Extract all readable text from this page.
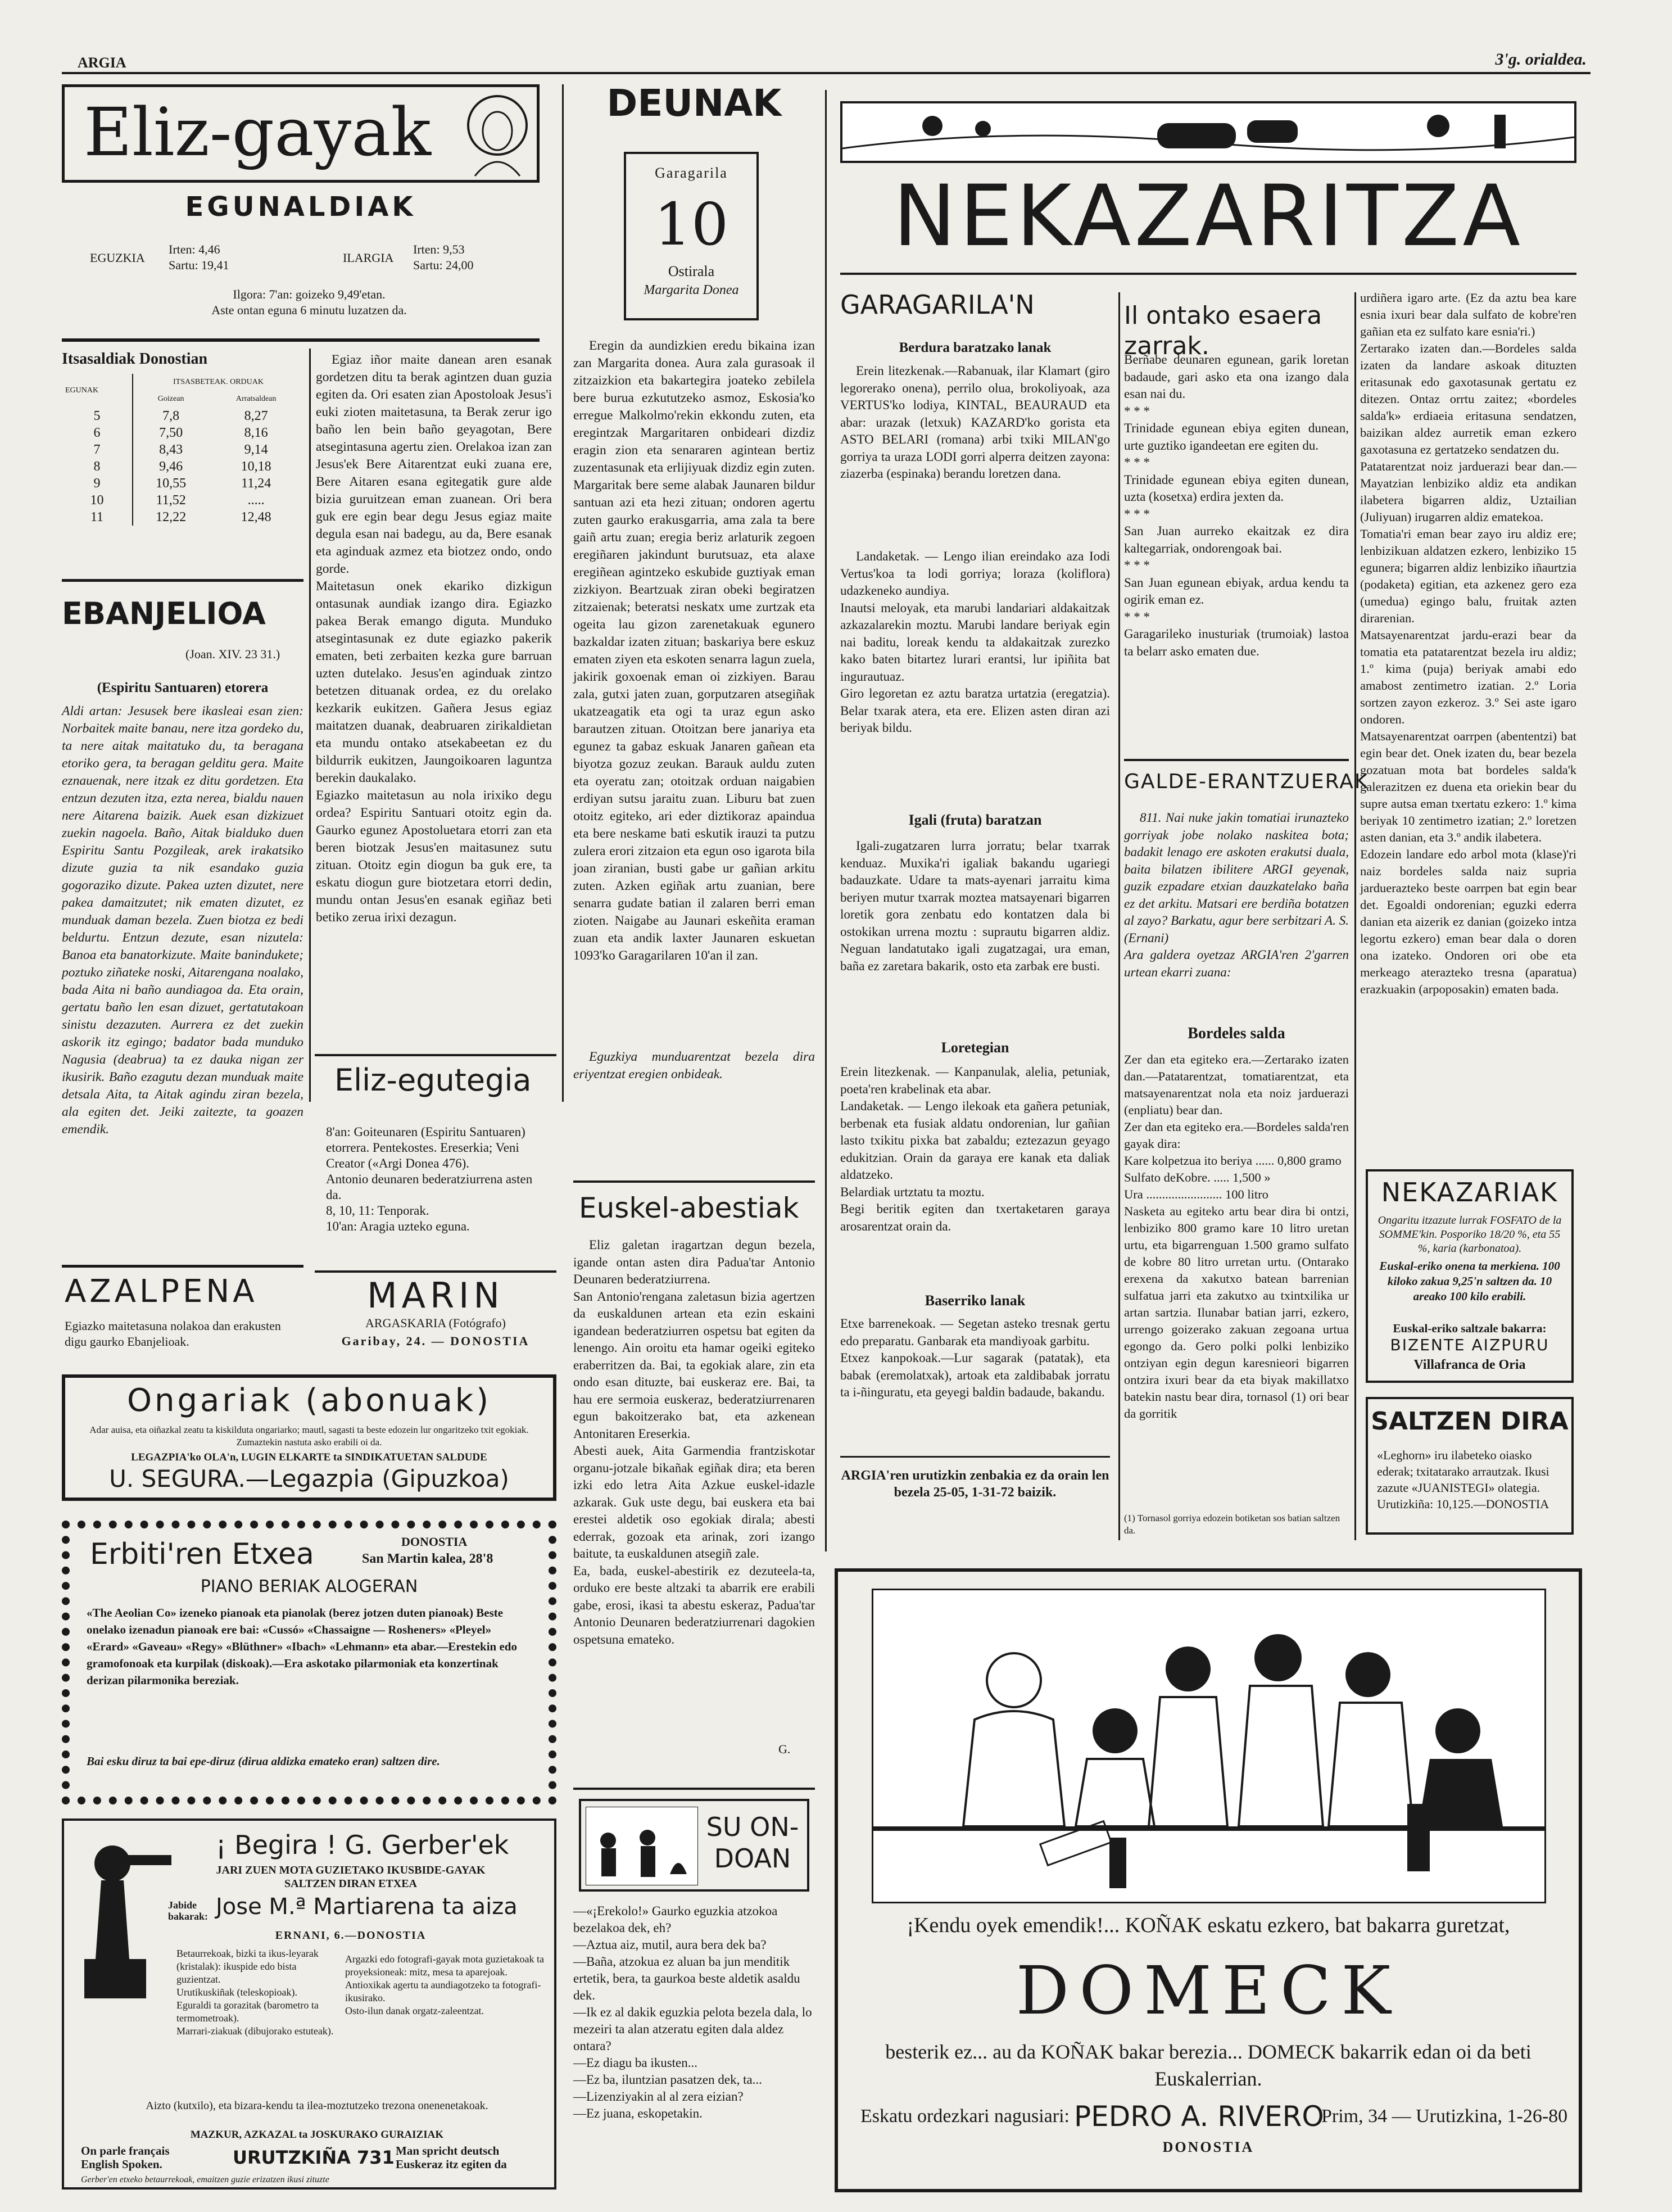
ARGIA	3'g. orialdea.
Eliz-gayak
EGUNALDIAK
EGUZKIA
Irten: 4,46
Sartu: 19,41
ILARGIA
Irten: 9,53
Sartu: 24,00
Ilgora: 7'an: goizeko 9,49'etan.
Aste ontan eguna 6 minutu luzatzen da.
Itsasaldiak Donostian
EGUNAK	ITSASBETEAK. ORDUAK	
	Goizean	Arratsaldean
5	7,8	8,27
6	7,50	8,16
7	8,43	9,14
8	9,46	10,18
9	10,55	11,24
10	11,52	.....
11	12,22	12,48
EBANJELIOA
(Joan. XIV. 23 31.)
(Espiritu Santuaren) etorera
Aldi artan: Jesusek bere ikasleai esan zien: Norbaitek maite banau, nere itza gordeko du, ta nere aitak maitatuko du, ta beragana etoriko gera, ta beragan gelditu gera. Maite eznauenak, nere itzak ez ditu gordetzen. Eta entzun dezuten itza, ezta nerea, bialdu nauen nere Aitarena baizik. Auek esan dizkizuet zuekin nagoela. Baño, Aitak bialduko duen Espiritu Santu Pozgileak, arek irakatsiko dizute guzia ta nik esandako guzia gogoraziko dizute. Pakea uzten dizutet, nere pakea damaitzutet; nik ematen dizutet, ez munduak daman bezela. Zuen biotza ez bedi beldurtu. Entzun dezute, esan nizutela: Banoa eta banatorkizute. Maite banindukete; poztuko ziñateke noski, Aitarengana noalako, bada Aita ni baño aundiagoa da. Eta orain, gertatu baño len esan dizuet, gertatutakoan sinistu dezazuten. Aurrera ez det zuekin askorik itz egingo; badator bada munduko Nagusia (deabrua) ta ez dauka nigan zer ikusirik. Baño ezagutu dezan munduak maite detsala Aita, ta Aitak agindu ziran bezela, ala egiten det. Jeiki zaitezte, ta goazen emendik.
AZALPENA
Egiazko maitetasuna nolakoa dan erakusten digu gaurko Ebanjelioak.
Egiaz iñor maite danean aren esanak gordetzen ditu ta berak agintzen duan guzia egiten da. Ori esaten zian Apostoloak Jesus'i euki zioten maitetasuna, ta Berak zerur igo baño len bein baño geyagotan, Bere atsegintasuna agertu zien. Orelakoa izan zan Jesus'ek Bere Aitarentzat euki zuana ere, Bere Aitaren esana egitegatik gure alde bizia guruitzean eman zuanean. Ori bera guk ere egin bear degu Jesus egiaz maite degula esan nai badegu, au da, Bere esanak eta aginduak azmez eta biotzez ondo, ondo gorde.
Maitetasun onek ekariko dizkigun ontasunak aundiak izango dira. Egiazko pakea Berak emango diguta. Munduko atsegintasunak ez dute egiazko pakerik ematen, beti zerbaiten kezka gure barruan uzten dutelako. Jesus'en aginduak zintzo betetzen dituanak ordea, ez du orelako kezkarik eukitzen. Gañera Jesus egiaz maitatzen duanak, deabruaren zirikaldietan eta mundu ontako atsekabeetan ez du bildurrik eukitzen, Jaungoikoaren laguntza berekin daukalako.
Egiazko maitetasun au nola irixiko degu ordea? Espiritu Santuari otoitz egin da. Gaurko egunez Apostoluetara etorri zan eta beren biotzak Jesus'en maitasunez sutu zituan. Otoitz egin diogun ba guk ere, ta eskatu diogun gure biotzetara etorri dedin, mundu ontan Jesus'en esanak egiñaz beti betiko zerua irixi dezagun.
Eliz-egutegia
8'an: Goiteunaren (Espiritu Santuaren) etorrera. Pentekostes. Ereserkia; Veni Creator («Argi Donea 476).
Antonio deunaren bederatziurrena asten da.
8, 10, 11: Tenporak.
10'an: Aragia uzteko eguna.
MARIN
ARGASKARIA (Fotógrafo)
Garibay, 24. — DONOSTIA
Ongariak (abonuak)
Adar auisa, eta oiñazkal zeatu ta kiskilduta ongariarko; mautl, sagasti ta beste edozein lur ongaritzeko txit egokiak. Zumaztekin nastuta asko erabili oi da.
LEGAZPIA'ko OLA'n, LUGIN ELKARTE ta SINDIKATUETAN SALDUDE
U. SEGURA.—Legazpia (Gipuzkoa)
Erbiti'ren Etxea	DONOSTIA
San Martin kalea, 28'8
PIANO BERIAK ALOGERAN
«The Aeolian Co» izeneko pianoak eta pianolak (berez jotzen duten pianoak) Beste onelako izenadun pianoak ere bai: «Cussó» «Chassaigne — Rosheners» «Pleyel» «Erard» «Gaveau» «Regy» «Blüthner» «Ibach» «Lehmann» eta abar.—Erestekin edo gramofonoak eta kurpilak (diskoak).—Era askotako pilarmoniak eta konzertinak derizan pilarmonika bereziak.
Bai esku diruz ta bai epe-diruz (dirua aldizka emateko eran) saltzen dire.
¡ Begira ! G. Gerber'ek
JARI ZUEN MOTA GUZIETAKO IKUSBIDE-GAYAK SALTZEN DIRAN ETXEA
Jabide bakarak: Jose M.ª Martiarena ta aiza
ERNANI, 6.—DONOSTIA
Betaurrekoak, bizki ta ikus-leyarak (kristalak): ikuspide edo bista guzientzat.
Urutikuskiñak (teleskopioak).
Eguraldi ta gorazitak (barometro ta termometroak).
Marrari-ziakuak (dibujorako estuteak).
Argazki edo fotografi-gayak mota guzietakoak ta proyeksioneak: mitz, mesa ta aparejoak.
Antioxikak agertu ta aundiagotzeko ta fotografi-ikusirako.
Osto-ilun danak orgatz-zaleentzat.
Aizto (kutxilo), eta bizara-kendu ta ilea-moztutzeko trezona onenenetakoak.
MAZKUR, AZKAZAL ta JOSKURAKO GURAIZIAK
On parle français English Spoken.	URUTZKIÑA 731 Man spricht deutsch Euskeraz itz egiten da
Gerber'en etxeko betaurrekoak, emaitzen guzie erizatzen ikusi zituzte
DEUNAK
Garagarila
10
Ostirala
Margarita Donea
Eregin da aundizkien eredu bikaina izan zan Margarita donea. Aura zala gurasoak il zitzaizkion eta bakartegira joateko zebilela bere burua ezkututzeko asmoz, Eskosia'ko erregue Malkolmo'rekin ekkondu zuten, eta eregintzak Margaritaren onbideari dizdiz eragin zion eta senararen agintean bertiz zuzentasunak eta erlijiyuak dizdiz egin zuten. Margaritak bere seme alabak Jaunaren bildur santuan azi eta hezi zituan; ondoren agertu zuten gaurko erakusgarria, ama zala ta bere gaiñ artu zuan; eregia beriz arlaturik zegoen eregiñaren jakindunt burutsuaz, eta alaxe eregiñean agintzeko eskubide guztiyak eman zizkiyon. Beartzuak ziran obeki begiratzen zitzaienak; beteratsi neskatx ume zurtzak eta ogeita lau gizon zarenetakuak egunero bazkaldar izaten zituan; baskariya bere eskuz ematen ziyen eta eskoten senarra lagun zuela, jakirik goxoenak eman oi zizkiyen. Barau zala, gutxi jaten zuan, gorputzaren atsegiñak ukatzeagatik eta ogi ta uraz egun asko barautzen zituan. Otoitzan bere janariya eta egunez ta gabaz eskuak Janaren gañean eta biyotza gozuz zeukan. Barauk auldu zuten eta oyeratu zan; otoitzak orduan naigabien erdiyan sutsu jaraitu zuan. Liburu bat zuen otoitz egiteko, ari eder diztikoraz apaindua eta bere neskame bati eskutik irauzi ta putzu zulera erori zitzaion eta egun oso igarota bila joan ziranian, busti gabe ur gañian arkitu zuten. Azken egiñak artu zuanian, bere senarra gudate batian il zalaren berri eman zioten. Naigabe au Jaunari eskeñita eraman zuan eta andik laxter Jaunaren eskuetan 1093'ko Garagarilaren 10'an il zan.
Eguzkiya munduarentzat bezela dira eriyentzat eregien onbideak.
Euskel-abestiak
Eliz galetan iragartzan degun bezela, igande ontan asten dira Padua'tar Antonio Deunaren bederatziurrena.
San Antonio'rengana zaletasun bizia agertzen da euskaldunen artean eta ezin eskaini igandean bederatziurren ospetsu bat egiten da lenengo. Ain oroitu eta hamar ogeiki egiteko eraberritzen da. Bai, ta egokiak alare, zin eta ondo esan dituzte, bai euskeraz ere. Bai, ta hau ere sermoia euskeraz, bederatziurrenaren egun bakoitzerako bat, eta azkenean Antonitaren Ereserkia.
Abesti auek, Aita Garmendia frantziskotar organu-jotzale bikañak egiñak dira; eta beren izki edo letra Aita Azkue euskel-idazle azkarak. Guk uste degu, bai euskera eta bai erestei aldetik oso egokiak dirala; abesti ederrak, gozoak eta arinak, zori izango baitute, ta euskaldunen atsegiñ zale.
Ea, bada, euskel-abestirik ez dezuteela-ta, orduko ere beste altzaki ta abarrik ere erabili gabe, erosi, ikasi ta abestu eskeraz, Padua'tar Antonio Deunaren bederatziurrenari dagokien ospetsuna emateko.
G.
SU ON-DOAN
—«¡Erekolo!» Gaurko eguzkia atzokoa bezelakoa dek, eh?
—Aztua aiz, mutil, aura bera dek ba?
—Baña, atzokua ez aluan ba jun menditik ertetik, bera, ta gaurkoa beste aldetik asaldu dek.
—Ik ez al dakik eguzkia pelota bezela dala, lo mezeiri ta alan atzeratu egiten dala aldez ontara?
—Ez diagu ba ikusten...
—Ez ba, iluntzian pasatzen dek, ta...
—Lizenziyakin al al zera eizian?
—Ez juana, eskopetakin.
NEKAZARITZA
GARAGARILA'N
Berdura baratzako lanak
Erein litezkenak.—Rabanuak, ilar Klamart (giro legorerako onena), perrilo olua, brokoliyoak, aza VERTUS'ko lodiya, KINTAL, BEAURAUD eta abar: urazak (letxuk) KAZARD'ko gorista eta ASTO BELARI (romana) arbi txiki MILAN'go gorriya ta uraza LODI gorri alperra deitzen zayona: ziazerba (espinaka) berandu loretzen dana.
Landaketak. — Lengo ilian ereindako aza Iodi Vertus'koa ta lodi gorriya; loraza (koliflora) udazkeneko aundiya.
Inautsi meloyak, eta marubi landariari aldakaitzak azkazalarekin moztu. Marubi landare beriyak egin nai baditu, loreak kendu ta aldakaitzak zurezko kako baten bitartez lurari erantsi, lur ipiñita bat ingurautuaz.
Giro legoretan ez aztu baratza urtatzia (eregatzia). Belar txarak atera, eta ere. Elizen asten diran azi beriyak bildu.
Igali (fruta) baratzan
Igali-zugatzaren lurra jorratu; belar txarrak kenduaz. Muxika'ri igaliak bakandu ugariegi badauzkate. Udare ta mats-ayenari jarraitu kima beriyen mutur txarrak moztea matsayenari bigarren loretik gora zenbatu edo kontatzen dala bi ostokikan urrena moztu : suprautu bigarren aldiz. Neguan landatutako igali zugatzagai, ura eman, baña ez zaretara bakarik, osto eta zarbak ere busti.
Loretegian
Erein litezkenak. — Kanpanulak, alelia, petuniak, poeta'ren krabelinak eta abar.
Landaketak. — Lengo ilekoak eta gañera petuniak, berbenak eta fusiak aldatu ondorenian, lur gañian lasto txikitu pixka bat zabaldu; eztezazun geyago edukitzian. Orain da garaya ere kanak eta daliak aldatzeko.
Belardiak urtztatu ta moztu.
Begi beritik egiten dan txertaketaren garaya arosarentzat orain da.
Baserriko lanak
Etxe barrenekoak. — Segetan asteko tresnak gertu edo preparatu. Ganbarak eta mandiyoak garbitu.
Etxez kanpokoak.—Lur sagarak (patatak), eta babak (eremolatxak), artoak eta zaldibabak jorratu ta i-ñinguratu, eta geyegi baldin badaude, bakandu.
ARGIA'ren urutizkin zenbakia ez da orain len bezela 25-05, 1-31-72 baizik.
Il ontako esaera zarrak.
Berñabe deunaren egunean, garik loretan badaude, gari asko eta ona izango dala esan nai du.
* * *
Trinidade egunean ebiya egiten dunean, urte guztiko igandeetan ere egiten du.
* * *
Trinidade egunean ebiya egiten dunean, uzta (kosetxa) erdira jexten da.
* * *
San Juan aurreko ekaitzak ez dira kaltegarriak, ondorengoak bai.
* * *
San Juan egunean ebiyak, ardua kendu ta ogirik eman ez.
* * *
Garagarileko inusturiak (trumoiak) lastoa ta belarr asko ematen due.
GALDE-ERANTZUERAK
811. Nai nuke jakin tomatiai irunazteko gorriyak jobe nolako naskitea bota; badakit lenago ere askoten erakutsi duala, baita bilatzen ibilitere ARGI geyenak, guzik ezpadare etxian dauzkatelako baña ez det arkitu. Matsari ere berdiña botatzen al zayo? Barkatu, agur bere serbitzari A. S. (Ernani)
Ara galdera oyetzaz ARGIA'ren 2'garren urtean ekarri zuana:
Bordeles salda
Zer dan eta egiteko era.—Zertarako izaten dan.—Patatarentzat, tomatiarentzat, eta matsayenarentzat nola eta noiz jarduerazi (enpliatu) bear dan.
Zer dan eta egiteko era.—Bordeles salda'ren gayak dira:
Kare kolpetzua ito beriya ...... 0,800 gramo
Sulfato deKobre. ..... 1,500 »
Ura ........................ 100 litro
Nasketa au egiteko artu bear dira bi ontzi, lenbiziko 800 gramo kare 10 litro uretan urtu, eta bigarrenguan 1.500 gramo sulfato de kobre 80 litro urretan urtu. (Ontarako erexena da xakutxo batean barrenian sulfatua jarri eta zakutxo au txintxilika ur artan sartzia. Ilunabar batian jarri, ezkero, urrengo goizerako zakuan zegoana urtua egongo da. Gero polki polki lenbiziko ontziyan egin degun karesnieori bigarren ontzira ixuri bear da eta biyak makillatxo batekin nastu bear dira, tornasol (1) ori bear da gorritik
(1) Tornasol gorriya edozein botiketan sos batian saltzen da.
urdiñera igaro arte. (Ez da aztu bea kare esnia ixuri bear dala sulfato de kobre'ren gañian eta ez sulfato kare esnia'ri.)
Zertarako izaten dan.—Bordeles salda izaten da landare askoak dituzten eritasunak edo gaxotasunak gertatu ez ditezen. Ontaz orrtu zaitez; «bordeles salda'k» erdiaeia eritasuna sendatzen, baizikan aldez aurretik eman ezkero gaxotasuna ez gertatzeko sendatzen du.
Patatarentzat noiz jarduerazi bear dan.—Mayatzian lenbiziko aldiz eta andikan ilabetera bigarren aldiz, Uztailian (Juliyuan) irugarren aldiz ematekoa.
Tomatia'ri eman bear zayo iru aldiz ere; lenbizikuan aldatzen ezkero, lenbiziko 15 egunera; bigarren aldiz lenbiziko iñaurtzia (podaketa) egitian, eta azkenez gero eza (umedua) egingo balu, fruitak azten dirarenian.
Matsayenarentzat jardu-erazi bear da tomatia eta patatarentzat bezela iru aldiz; 1.º kima (puja) beriyak amabi edo amabost zentimetro izatian. 2.º Loria sortzen zayon ezkeroz. 3.º Sei aste igaro ondoren.
Matsayenarentzat oarrpen (abententzi) bat egin bear det. Onek izaten du, bear bezela gozatuan mota bat bordeles salda'k galerazitzen ez duena eta oriekin bear du supre autsa eman txertatu ezkero: 1.º kima beriyak 10 zentimetro izatian; 2.º loretzen asten danian, eta 3.º andik ilabetera.
Edozein landare edo arbol mota (klase)'ri naiz bordeles salda naiz supria jarduerazteko beste oarrpen bat egin bear det. Egoaldi ondorenian; eguzki ederra danian eta aizerik ez danian (goizeko intza legortu ezkero) eman bear dala o doren ona izateko. Ondoren ori obe eta merkeago aterazteko tresna (aparatua) erazkuakin (arpoposakin) ematen bada.
NEKAZARIAK
Ongaritu itzazute lurrak FOSFATO de la SOMME'kin. Posporiko 18/20 %, eta 55 %, karia (karbonatoa).
Euskal-eriko onena ta merkiena. 100 kiloko zakua 9,25'n saltzen da. 10 areako 100 kilo erabili.
Euskal-eriko saltzale bakarra:
BIZENTE AIZPURU
Villafranca de Oria
SALTZEN DIRA
«Leghorn» iru ilabeteko oiasko ederak; txitatarako arrautzak. Ikusi zazute «JUANISTEGI» olategia. Urutizkiña: 10,125.—DONOSTIA
¡Kendu oyek emendik!... KOÑAK eskatu ezkero, bat bakarra guretzat,
DOMECK
besterik ez... au da KOÑAK bakar berezia... DOMECK bakarrik edan oi da beti Euskalerrian.
Eskatu ordezkari nagusiari: PEDRO A. RIVERO
Prim, 34 — Urutizkina, 1-26-80
DONOSTIA
